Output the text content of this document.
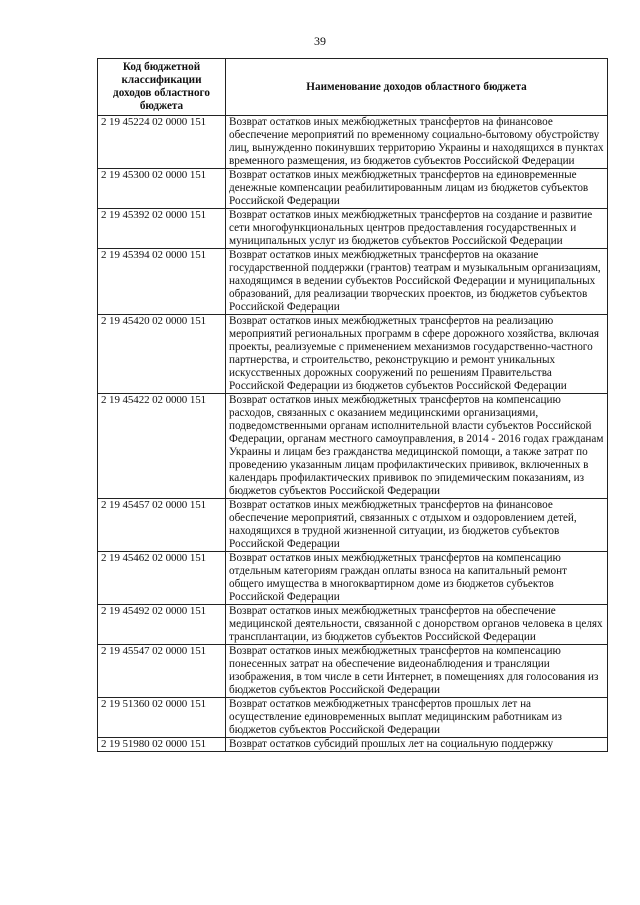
39
Код бюджетной классификации доходов областного бюджета	Наименование доходов областного бюджета
2 19 45224 02 0000 151	Возврат остатков иных межбюджетных трансфертов на финансовое обеспечение мероприятий по временному социально-бытовому обустройству лиц, вынужденно покинувших территорию Украины и находящихся в пунктах временного размещения, из бюджетов субъектов Российской Федерации
2 19 45300 02 0000 151	Возврат остатков иных межбюджетных трансфертов на единовременные денежные компенсации реабилитированным лицам из бюджетов субъектов Российской Федерации
2 19 45392 02 0000 151	Возврат остатков иных межбюджетных трансфертов на создание и развитие сети многофункциональных центров предоставления государственных и муниципальных услуг из бюджетов субъектов Российской Федерации
2 19 45394 02 0000 151	Возврат остатков иных межбюджетных трансфертов на оказание государственной поддержки (грантов) театрам и музыкальным организациям, находящимся в ведении субъектов Российской Федерации и муниципальных образований, для реализации творческих проектов, из бюджетов субъектов Российской Федерации
2 19 45420 02 0000 151	Возврат остатков иных межбюджетных трансфертов на реализацию мероприятий региональных программ в сфере дорожного хозяйства, включая проекты, реализуемые с применением механизмов государственно-частного партнерства, и строительство, реконструкцию и ремонт уникальных искусственных дорожных сооружений по решениям Правительства Российской Федерации из бюджетов субъектов Российской Федерации
2 19 45422 02 0000 151	Возврат остатков иных межбюджетных трансфертов на компенсацию расходов, связанных с оказанием медицинскими организациями, подведомственными органам исполнительной власти субъектов Российской Федерации, органам местного самоуправления, в 2014 - 2016 годах гражданам Украины и лицам без гражданства медицинской помощи, а также затрат по проведению указанным лицам профилактических прививок, включенных в календарь профилактических прививок по эпидемическим показаниям, из бюджетов субъектов Российской Федерации
2 19 45457 02 0000 151	Возврат остатков иных межбюджетных трансфертов на финансовое обеспечение мероприятий, связанных с отдыхом и оздоровлением детей, находящихся в трудной жизненной ситуации, из бюджетов субъектов Российской Федерации
2 19 45462 02 0000 151	Возврат остатков иных межбюджетных трансфертов на компенсацию отдельным категориям граждан оплаты взноса на капитальный ремонт общего имущества в многоквартирном доме из бюджетов субъектов Российской Федерации
2 19 45492 02 0000 151	Возврат остатков иных межбюджетных трансфертов на обеспечение медицинской деятельности, связанной с донорством органов человека в целях трансплантации, из бюджетов субъектов Российской Федерации
2 19 45547 02 0000 151	Возврат остатков иных межбюджетных трансфертов на компенсацию понесенных затрат на обеспечение видеонаблюдения и трансляции изображения, в том числе в сети Интернет, в помещениях для голосования из бюджетов субъектов Российской Федерации
2 19 51360 02 0000 151	Возврат остатков межбюджетных трансфертов прошлых лет на осуществление единовременных выплат медицинским работникам из бюджетов субъектов Российской Федерации
2 19 51980 02 0000 151	Возврат остатков субсидий прошлых лет на социальную поддержку
